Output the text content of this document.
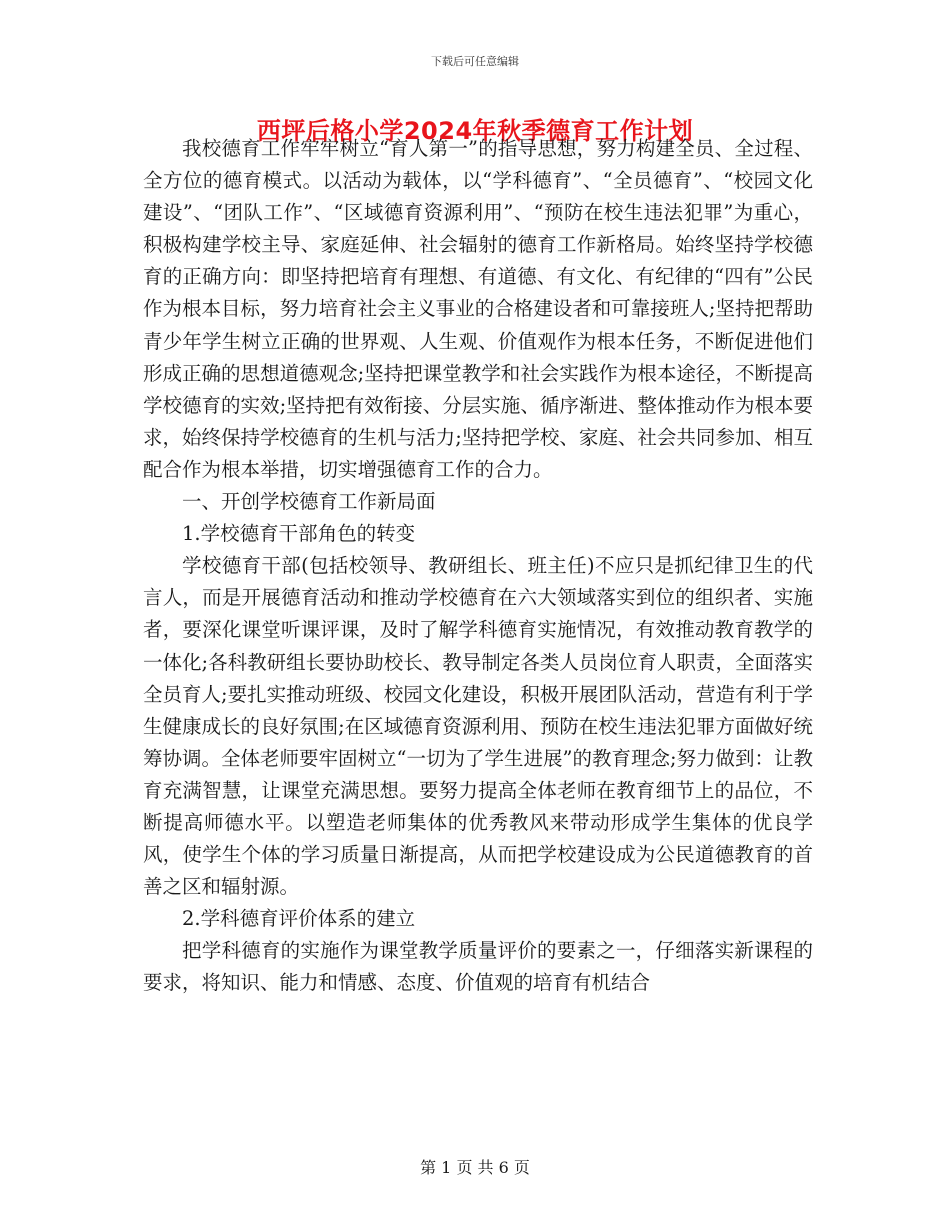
下载后可任意编辑
西坪后格小学2024年秋季德育工作计划

我校德育工作牢牢树立“育人第一”的指导思想，努力构建全员、全过程、全方位的德育模式。以活动为载体，以“学科德育”、“全员德育”、“校园文化建设”、“团队工作”、“区域德育资源利用”、“预防在校生违法犯罪”为重心，积极构建学校主导、家庭延伸、社会辐射的德育工作新格局。始终坚持学校德育的正确方向：即坚持把培育有理想、有道德、有文化、有纪律的“四有”公民作为根本目标，努力培育社会主义事业的合格建设者和可靠接班人;坚持把帮助青少年学生树立正确的世界观、人生观、价值观作为根本任务，不断促进他们形成正确的思想道德观念;坚持把课堂教学和社会实践作为根本途径，不断提高学校德育的实效;坚持把有效衔接、分层实施、循序渐进、整体推动作为根本要求，始终保持学校德育的生机与活力;坚持把学校、家庭、社会共同参加、相互配合作为根本举措，切实增强德育工作的合力。

一、开创学校德育工作新局面

1.学校德育干部角色的转变

学校德育干部(包括校领导、教研组长、班主任)不应只是抓纪律卫生的代言人，而是开展德育活动和推动学校德育在六大领域落实到位的组织者、实施者，要深化课堂听课评课，及时了解学科德育实施情况，有效推动教育教学的一体化;各科教研组长要协助校长、教导制定各类人员岗位育人职责，全面落实全员育人;要扎实推动班级、校园文化建设，积极开展团队活动，营造有利于学生健康成长的良好氛围;在区域德育资源利用、预防在校生违法犯罪方面做好统筹协调。全体老师要牢固树立“一切为了学生进展”的教育理念;努力做到：让教育充满智慧，让课堂充满思想。要努力提高全体老师在教育细节上的品位，不断提高师德水平。以塑造老师集体的优秀教风来带动形成学生集体的优良学风，使学生个体的学习质量日渐提高，从而把学校建设成为公民道德教育的首善之区和辐射源。

2.学科德育评价体系的建立

把学科德育的实施作为课堂教学质量评价的要素之一，仔细落实新课程的要求，将知识、能力和情感、态度、价值观的培育有机结合

第 1 页 共 6 页
